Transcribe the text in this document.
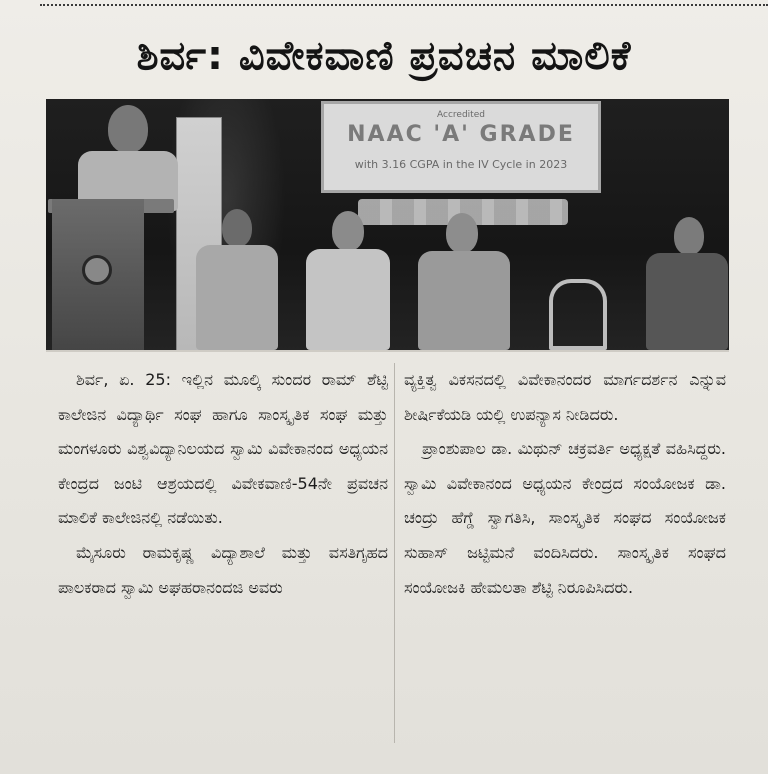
ಶಿರ್ವ: ವಿವೇಕವಾಣಿ ಪ್ರವಚನ ಮಾಲಿಕೆ
Accredited
NAAC 'A' GRADE
with 3.16 CGPA in the IV Cycle in 2023

ಶಿರ್ವ, ಏ. 25: ಇಲ್ಲಿನ ಮೂಲ್ಕಿ ಸುಂದರ ರಾಮ್ ಶೆಟ್ಟಿ ಕಾಲೇಜಿನ ವಿದ್ಯಾರ್ಥಿ ಸಂಘ ಹಾಗೂ ಸಾಂಸ್ಕೃತಿಕ ಸಂಘ ಮತ್ತು ಮಂಗಳೂರು ವಿಶ್ವವಿದ್ಯಾನಿಲಯದ ಸ್ವಾಮಿ ವಿವೇಕಾನಂದ ಅಧ್ಯಯನ ಕೇಂದ್ರದ ಜಂಟಿ ಆಶ್ರಯದಲ್ಲಿ ವಿವೇಕವಾಣಿ-54ನೇ ಪ್ರವಚನ ಮಾಲಿಕೆ ಕಾಲೇಜಿನಲ್ಲಿ ನಡೆಯಿತು.

ಮೈಸೂರು ರಾಮಕೃಷ್ಣ ವಿದ್ಯಾಶಾಲೆ ಮತ್ತು ವಸತಿಗೃಹದ ಪಾಲಕರಾದ ಸ್ವಾಮಿ ಅಘಹರಾನಂದಜಿ ಅವರು

ವ್ಯಕ್ತಿತ್ವ ವಿಕಸನದಲ್ಲಿ ವಿವೇಕಾನಂದರ ಮಾರ್ಗದರ್ಶನ ಎನ್ನುವ ಶೀರ್ಷಿಕೆಯಡಿ ಯಲ್ಲಿ ಉಪನ್ಯಾಸ ನೀಡಿದರು.

ಪ್ರಾಂಶುಪಾಲ ಡಾ. ಮಿಥುನ್ ಚಕ್ರವರ್ತಿ ಅಧ್ಯಕ್ಷತೆ ವಹಿಸಿದ್ದರು. ಸ್ವಾಮಿ ವಿವೇಕಾನಂದ ಅಧ್ಯಯನ ಕೇಂದ್ರದ ಸಂಯೋಜಕ ಡಾ. ಚಂದ್ರು ಹೆಗ್ಡೆ ಸ್ವಾಗತಿಸಿ, ಸಾಂಸ್ಕೃತಿಕ ಸಂಘದ ಸಂಯೋಜಕ ಸುಹಾಸ್ ಜಟ್ಟಿಮನೆ ವಂದಿಸಿದರು. ಸಾಂಸ್ಕೃತಿಕ ಸಂಘದ ಸಂಯೋಜಕಿ ಹೇಮಲತಾ ಶೆಟ್ಟಿ ನಿರೂಪಿಸಿದರು.
